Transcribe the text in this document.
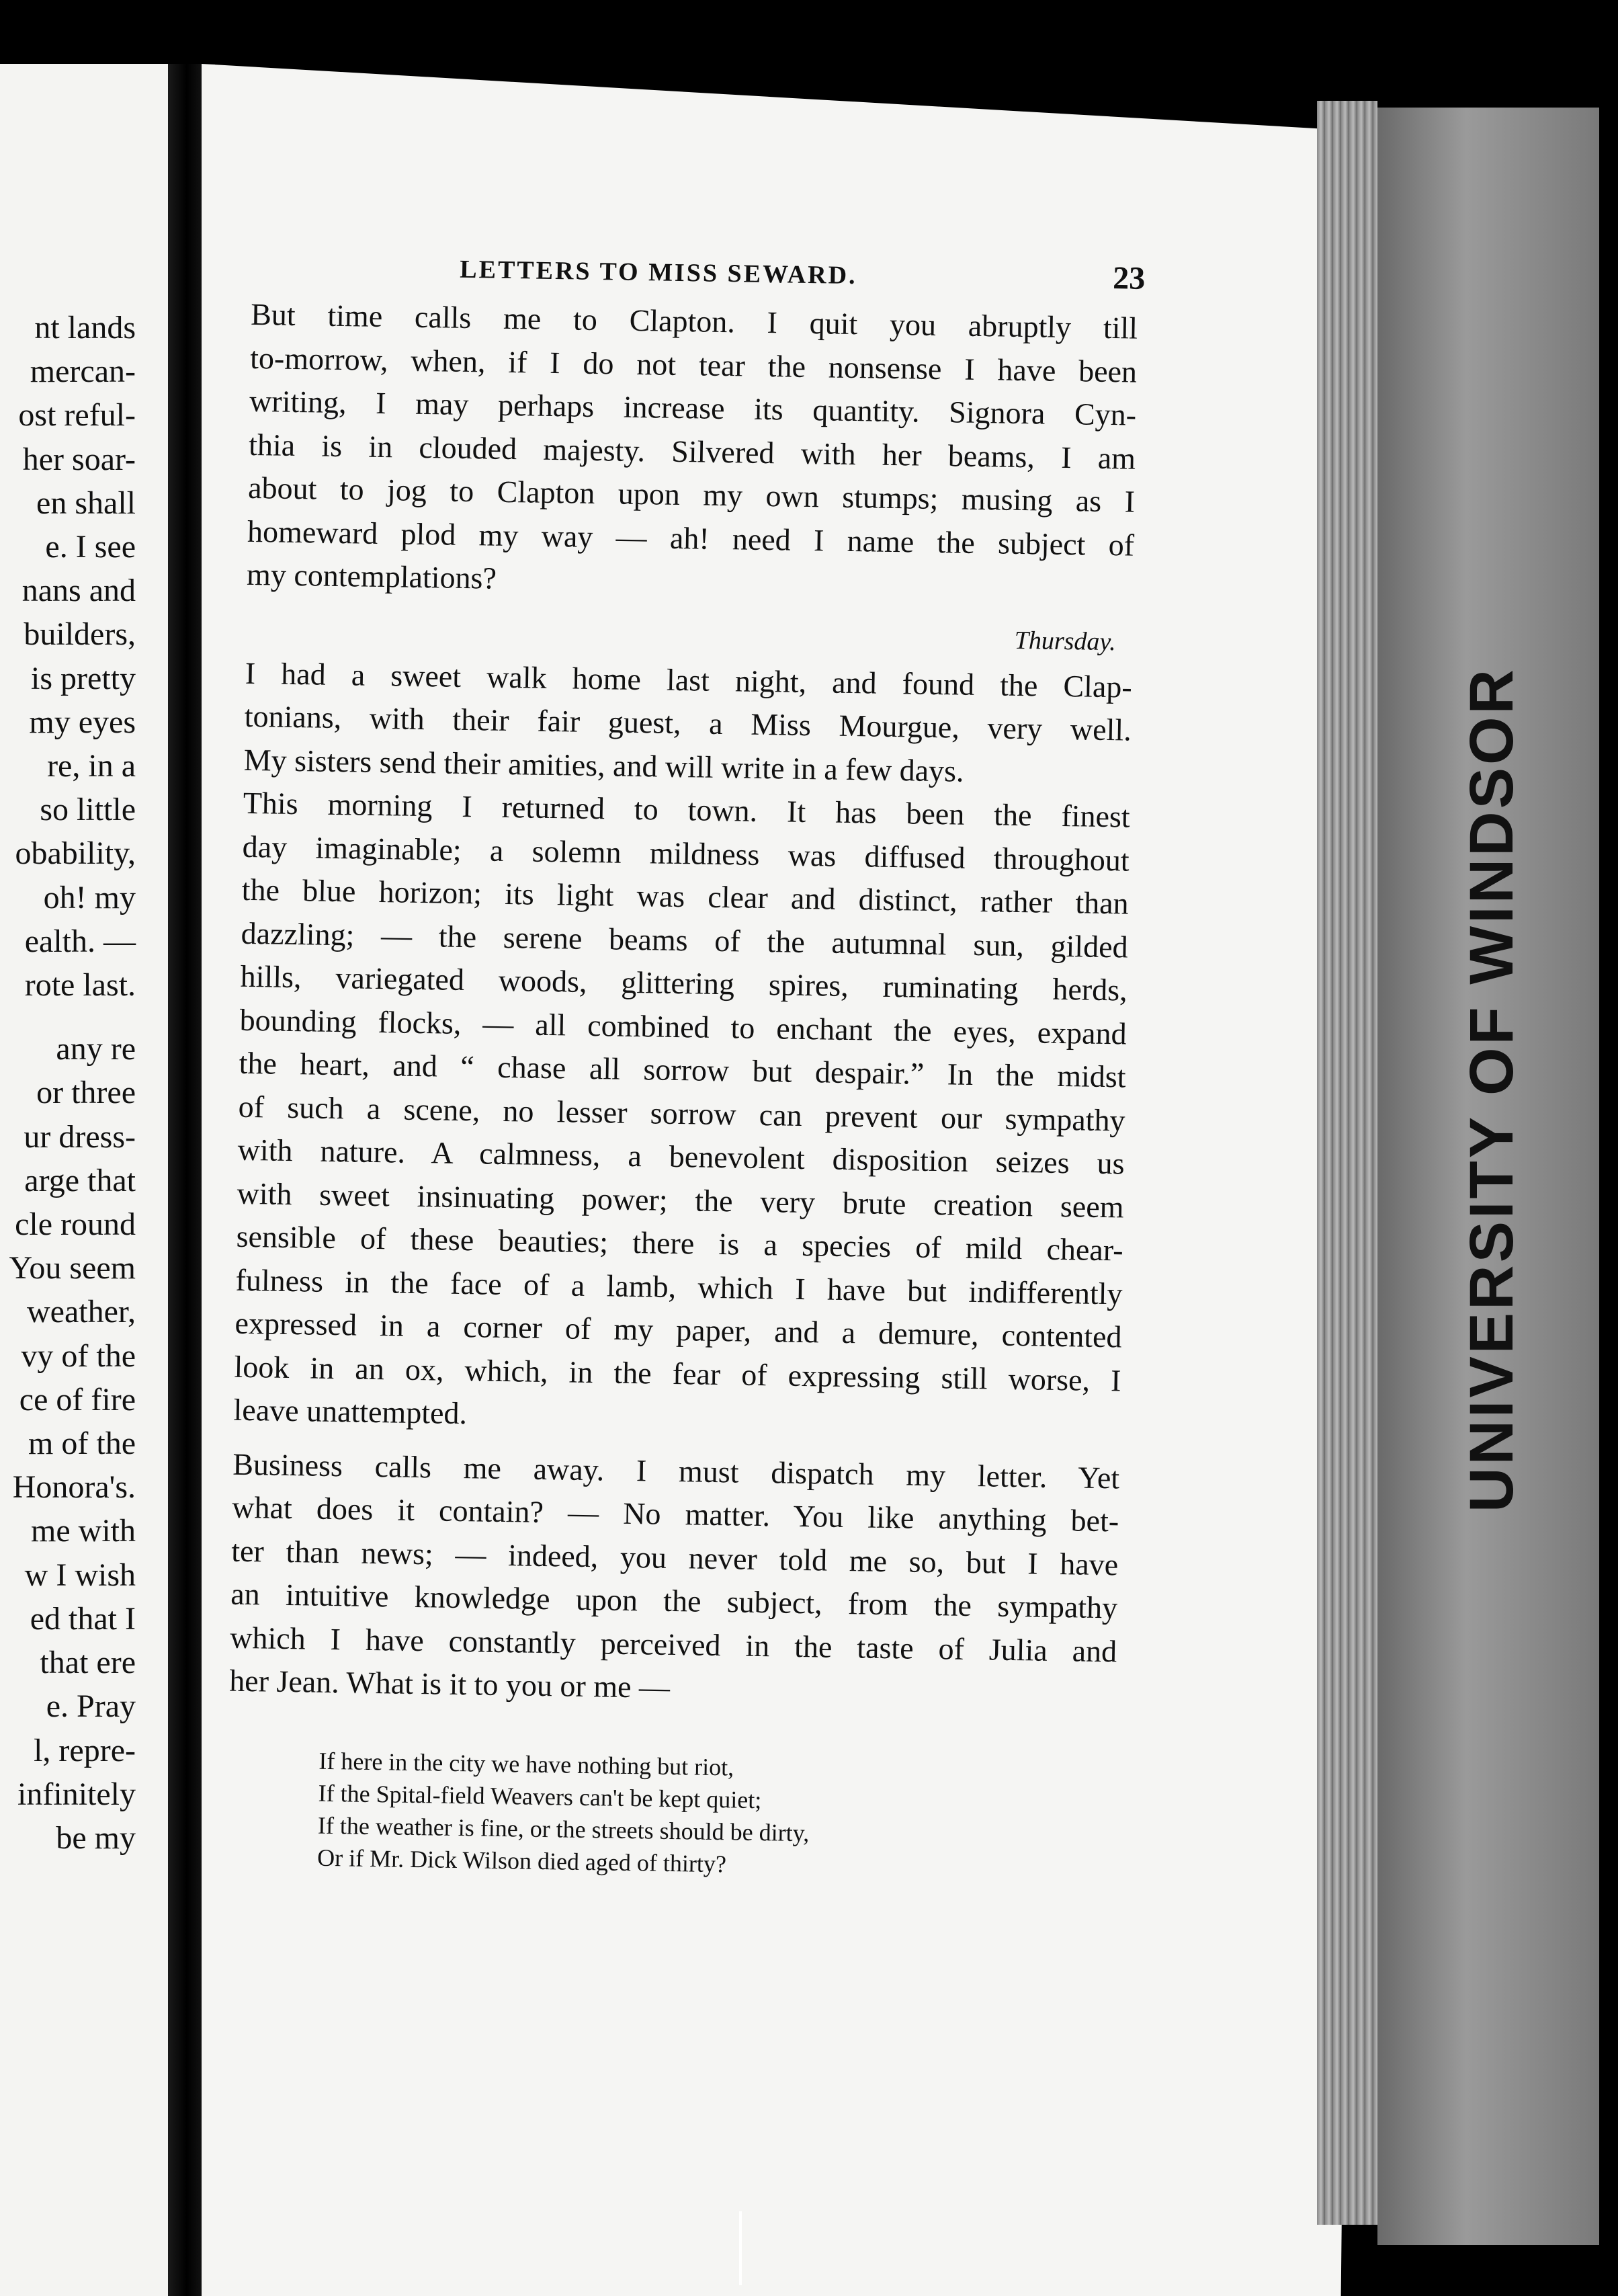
nt lands
mercan-
ost reful-
her soar-
en shall
e. I see
nans and
builders,
is pretty
my eyes
re, in a
so little
obability,
oh! my
ealth. —
rote last.
any re
or three
ur dress-
arge that
cle round
You seem
weather,
vy of the
ce of fire
m of the
Honora's.
me with
w I wish
ed that I
that ere
e. Pray
l, repre-
infinitely
be my
LETTERS TO MISS SEWARD.	23
But time calls me to Clapton. I quit you abruptly till
to-morrow, when, if I do not tear the nonsense I have been
writing, I may perhaps increase its quantity. Signora Cyn-
thia is in clouded majesty. Silvered with her beams, I am
about to jog to Clapton upon my own stumps; musing as I
homeward plod my way — ah! need I name the subject of
my contemplations?
Thursday.
I had a sweet walk home last night, and found the Clap-
tonians, with their fair guest, a Miss Mourgue, very well.
My sisters send their amities, and will write in a few days.
This morning I returned to town. It has been the finest
day imaginable; a solemn mildness was diffused throughout
the blue horizon; its light was clear and distinct, rather than
dazzling; — the serene beams of the autumnal sun, gilded
hills, variegated woods, glittering spires, ruminating herds,
bounding flocks, — all combined to enchant the eyes, expand
the heart, and “ chase all sorrow but despair.” In the midst
of such a scene, no lesser sorrow can prevent our sympathy
with nature. A calmness, a benevolent disposition seizes us
with sweet insinuating power; the very brute creation seem
sensible of these beauties; there is a species of mild chear-
fulness in the face of a lamb, which I have but indifferently
expressed in a corner of my paper, and a demure, contented
look in an ox, which, in the fear of expressing still worse, I
leave unattempted.
Business calls me away. I must dispatch my letter. Yet
what does it contain? — No matter. You like anything bet-
ter than news; — indeed, you never told me so, but I have
an intuitive knowledge upon the subject, from the sympathy
which I have constantly perceived in the taste of Julia and
her Jean. What is it to you or me —
If here in the city we have nothing but riot,
If the Spital-field Weavers can't be kept quiet;
If the weather is fine, or the streets should be dirty,
Or if Mr. Dick Wilson died aged of thirty?
UNIVERSITY OF WINDSOR
